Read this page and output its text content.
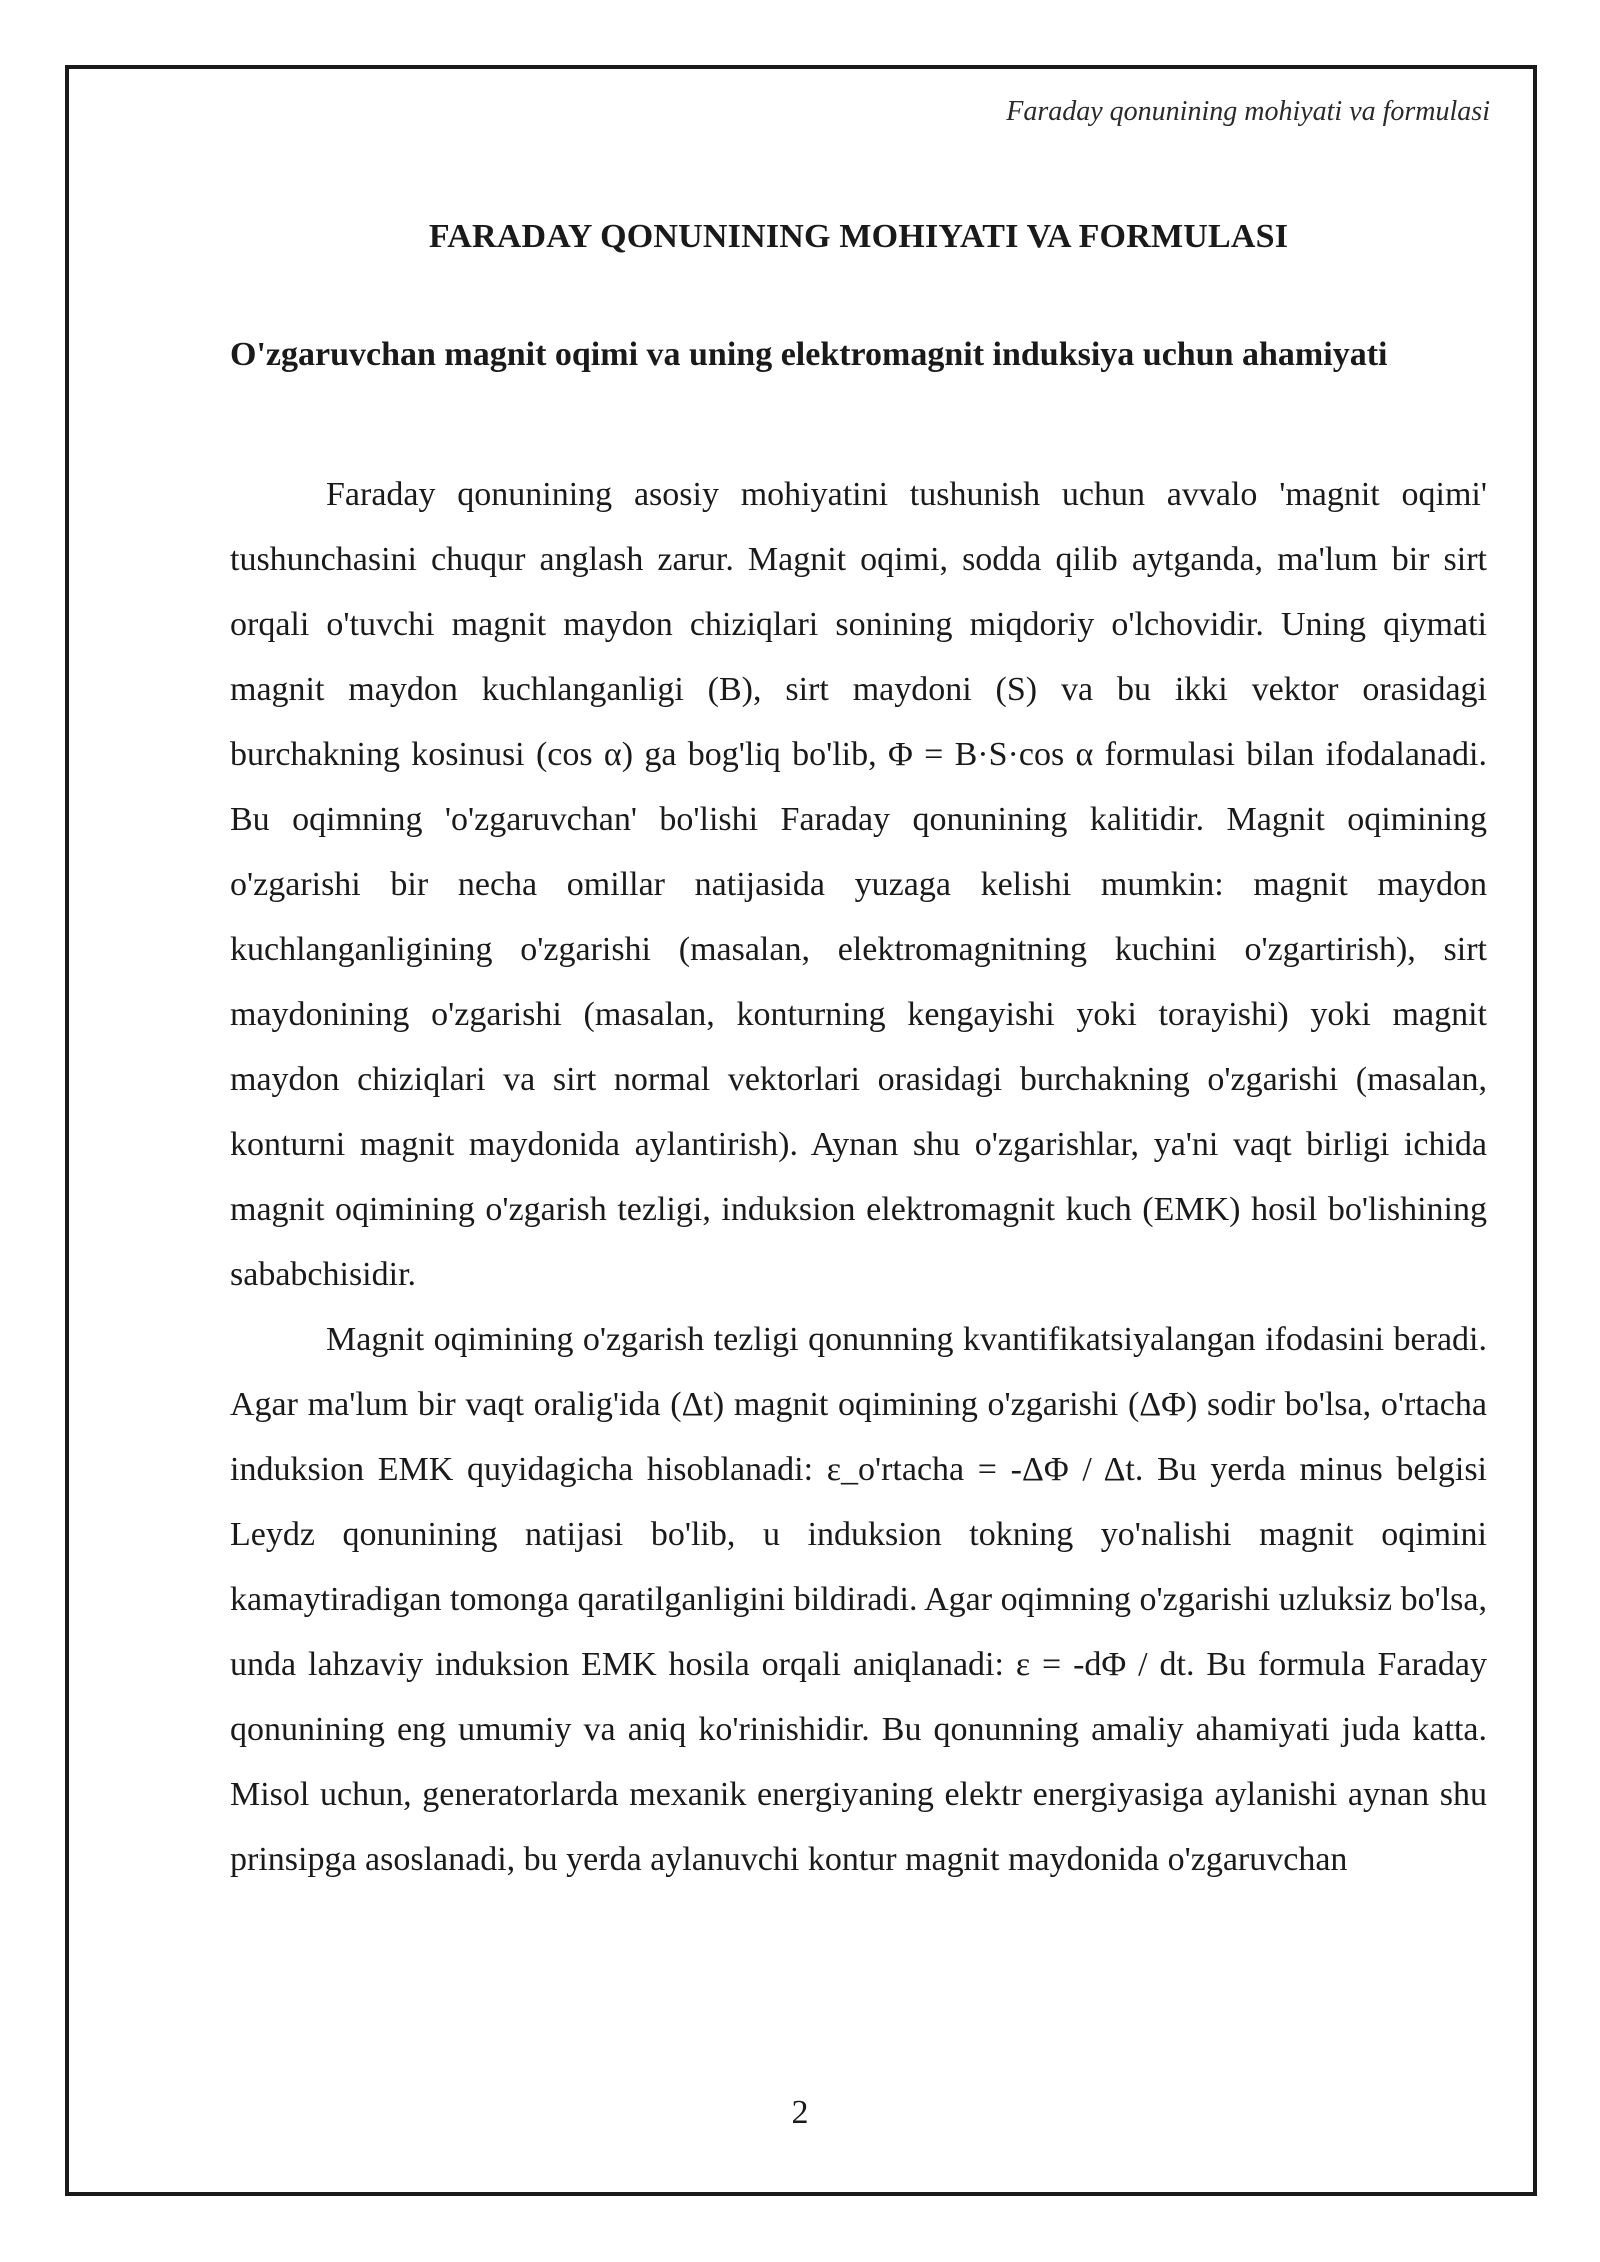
Faraday qonunining mohiyati va formulasi
FARADAY QONUNINING MOHIYATI VA FORMULASI
O'zgaruvchan magnit oqimi va uning elektromagnit induksiya uchun ahamiyati

Faraday qonunining asosiy mohiyatini tushunish uchun avvalo 'magnit oqimi' tushunchasini chuqur anglash zarur. Magnit oqimi, sodda qilib aytganda, ma'lum bir sirt orqali o'tuvchi magnit maydon chiziqlari sonining miqdoriy o'lchovidir. Uning qiymati magnit maydon kuchlanganligi (B), sirt maydoni (S) va bu ikki vektor orasidagi burchakning kosinusi (cos α) ga bog'liq bo'lib, Φ = B·S·cos α formulasi bilan ifodalanadi. Bu oqimning 'o'zgaruvchan' bo'lishi Faraday qonunining kalitidir. Magnit oqimining o'zgarishi bir necha omillar natijasida yuzaga kelishi mumkin: magnit maydon kuchlanganligining o'zgarishi (masalan, elektromagnitning kuchini o'zgartirish), sirt maydonining o'zgarishi (masalan, konturning kengayishi yoki torayishi) yoki magnit maydon chiziqlari va sirt normal vektorlari orasidagi burchakning o'zgarishi (masalan, konturni magnit maydonida aylantirish). Aynan shu o'zgarishlar, ya'ni vaqt birligi ichida magnit oqimining o'zgarish tezligi, induksion elektromagnit kuch (EMK) hosil bo'lishining sababchisidir.

Magnit oqimining o'zgarish tezligi qonunning kvantifikatsiyalangan ifodasini beradi. Agar ma'lum bir vaqt oralig'ida (Δt) magnit oqimining o'zgarishi (ΔΦ) sodir bo'lsa, o'rtacha induksion EMK quyidagicha hisoblanadi: ε_o'rtacha = -ΔΦ / Δt. Bu yerda minus belgisi Leydz qonunining natijasi bo'lib, u induksion tokning yo'nalishi magnit oqimini kamaytiradigan tomonga qaratilganligini bildiradi. Agar oqimning o'zgarishi uzluksiz bo'lsa, unda lahzaviy induksion EMK hosila orqali aniqlanadi: ε = -dΦ / dt. Bu formula Faraday qonunining eng umumiy va aniq ko'rinishidir. Bu qonunning amaliy ahamiyati juda katta. Misol uchun, generatorlarda mexanik energiyaning elektr energiyasiga aylanishi aynan shu prinsipga asoslanadi, bu yerda aylanuvchi kontur magnit maydonida o'zgaruvchan

2
